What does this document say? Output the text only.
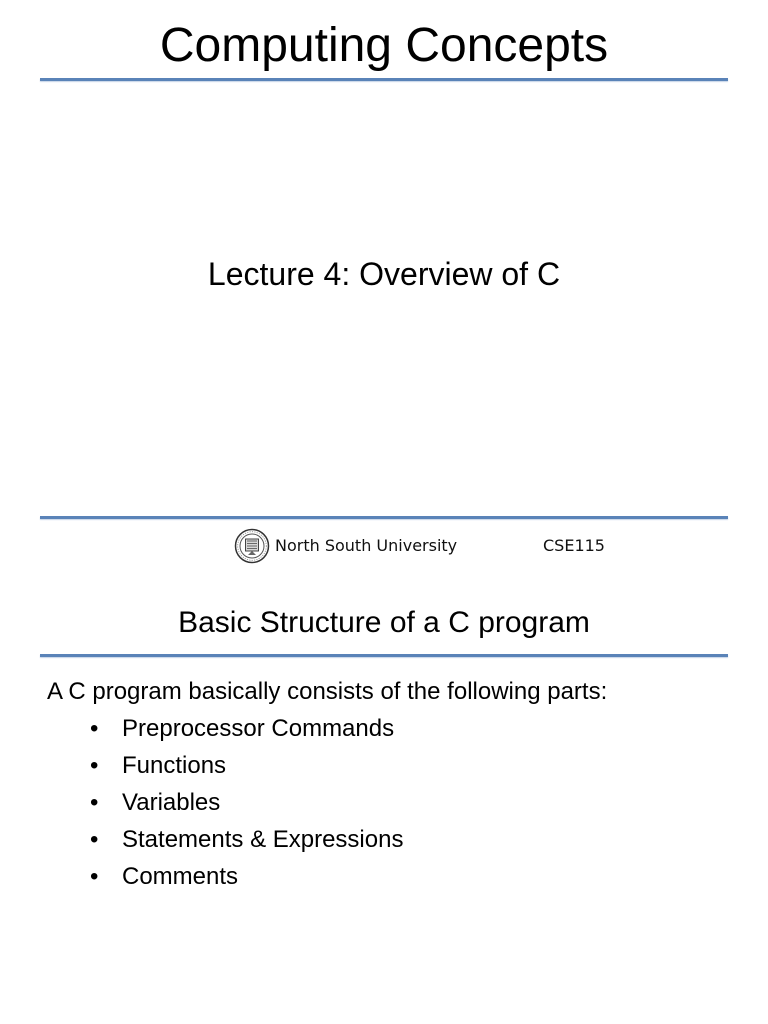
Computing Concepts
Lecture 4: Overview of C
North South University	CSE115
Basic Structure of a C program
A C program basically consists of the following parts:
• Preprocessor Commands
• Functions
• Variables
• Statements & Expressions
• Comments
